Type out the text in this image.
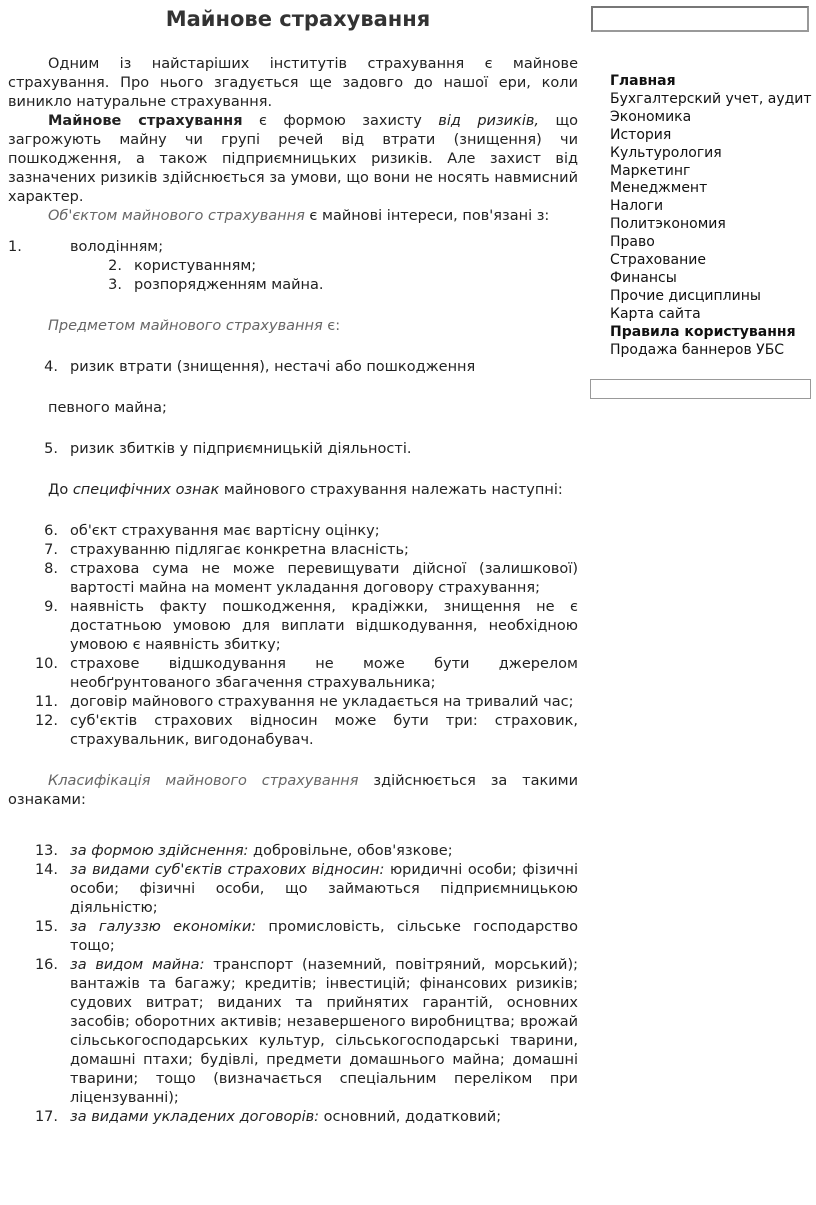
Майнове страхування

Одним із найстаріших інститутів страхування є майнове страхування. Про нього згадується ще задовго до нашої ери, коли виникло натуральне страхування.

Майнове страхування є формою захисту від ризиків, що загрожують майну чи групі речей від втрати (знищення) чи пошкодження, а також підприємницьких ризиків. Але захист від зазначених ризиків здійснюється за умови, що вони не носять навмисний характер.

Об'єктом майнового страхування є майнові інтереси, пов'язані з:

1.	володінням;
2. користуванням;
3. розпорядженням майна.

Предметом майнового страхування є:

4. ризик втрати (знищення), нестачі або пошкодження

певного майна;

5. ризик збитків у підприємницькій діяльності.

До специфічних ознак майнового страхування належать наступні:

6. об'єкт страхування має вартісну оцінку;
7. страхуванню підлягає конкретна власність;
8. страхова сума не може перевищувати дійсної (залишкової) вартості майна на момент укладання договору страхування;
9. наявність факту пошкодження, крадіжки, знищення не є достатньою умовою для виплати відшкодування, необхідною умовою є наявність збитку;
10. страхове відшкодування не може бути джерелом необґрунтованого збагачення страхувальника;
11. договір майнового страхування не укладається на тривалий час;
12. суб'єктів страхових відносин може бути три: страховик, страхувальник, вигодонабувач.

Класифікація майнового страхування здійснюється за такими ознаками:

13. за формою здійснення: добровільне, обов'язкове;
14. за видами суб'єктів страхових відносин: юридичні особи; фізичні особи; фізичні особи, що займаються підприємницькою діяльністю;
15. за галуззю економіки: промисловість, сільське господарство тощо;
16. за видом майна: транспорт (наземний, повітряний, морський); вантажів та багажу; кредитів; інвестицій; фінансових ризиків; судових витрат; виданих та прийнятих гарантій, основних засобів; оборотних активів; незавершеного виробництва; врожай сільськогосподарських культур, сільськогосподарські тварини, домашні птахи; будівлі, предмети домашнього майна; домашні тварини; тощо (визначається спеціальним переліком при ліцензуванні);
17. за видами укладених договорів: основний, додатковий;
Главная
Бухгалтерский учет, аудит
Экономика
История
Культурология
Маркетинг
Менеджмент
Налоги
Политэкономия
Право
Страхование
Финансы
Прочие дисциплины
Карта сайта
Правила користування
Продажа баннеров УБС
